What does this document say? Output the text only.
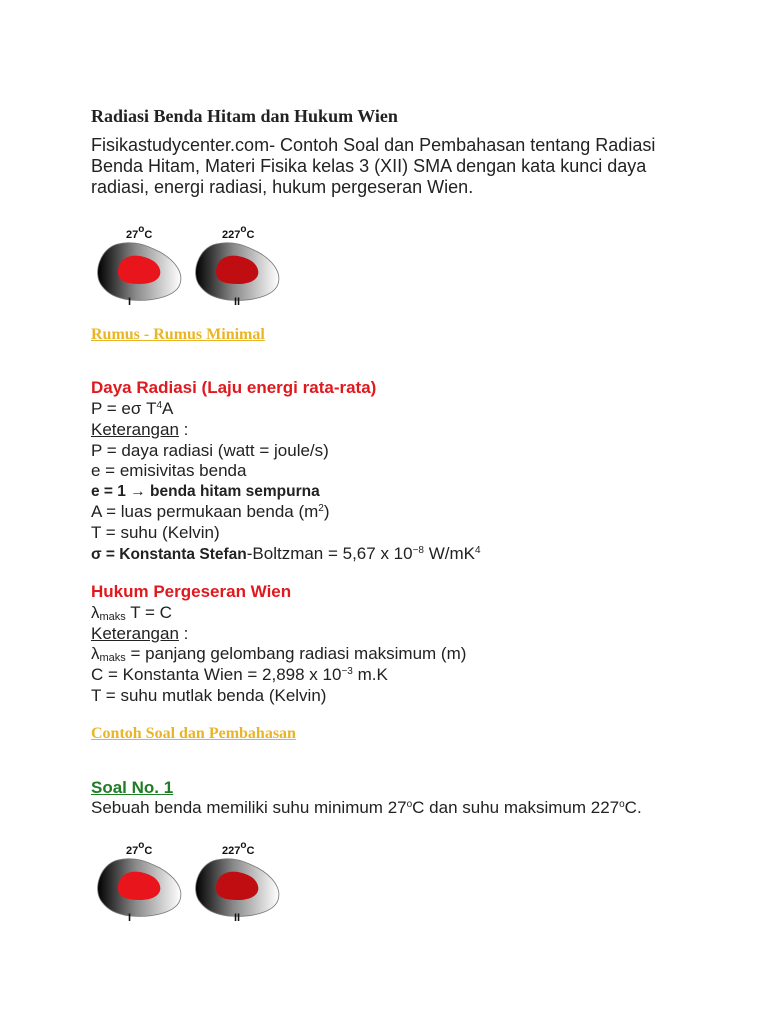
Radiasi Benda Hitam dan Hukum Wien
Fisikastudycenter.com- Contoh Soal dan Pembahasan tentang Radiasi Benda Hitam, Materi Fisika kelas 3 (XII) SMA dengan kata kunci daya radiasi, energi radiasi, hukum pergeseran Wien.
27$^o$C	227$^o$C
I	II
Rumus - Rumus Minimal
Daya Radiasi (Laju energi rata-rata)
P = eσ $T^4A$
Keterangan :
P = daya radiasi (watt = joule/s)
e = emisivitas benda
e = 1 → benda hitam sempurna
A = luas permukaan benda $(m^2)$
T = suhu (Kelvin)
σ = Konstanta Stefan-Boltzman = 5,67 x $10^{-8}$ $W/mK^4$
Hukum Pergeseran Wien
$\lambda_{maks}$ T = C
Keterangan :
$\lambda_{maks}$ = panjang gelombang radiasi maksimum (m)
C = Konstanta Wien = 2,898 x $10^{-3}$ m.K
T = suhu mutlak benda (Kelvin)
Contoh Soal dan Pembahasan
Soal No. 1
Sebuah benda memiliki suhu minimum 27$^o$C dan suhu maksimum 227$^o$C.
27$^o$C	227$^o$C
I	II
